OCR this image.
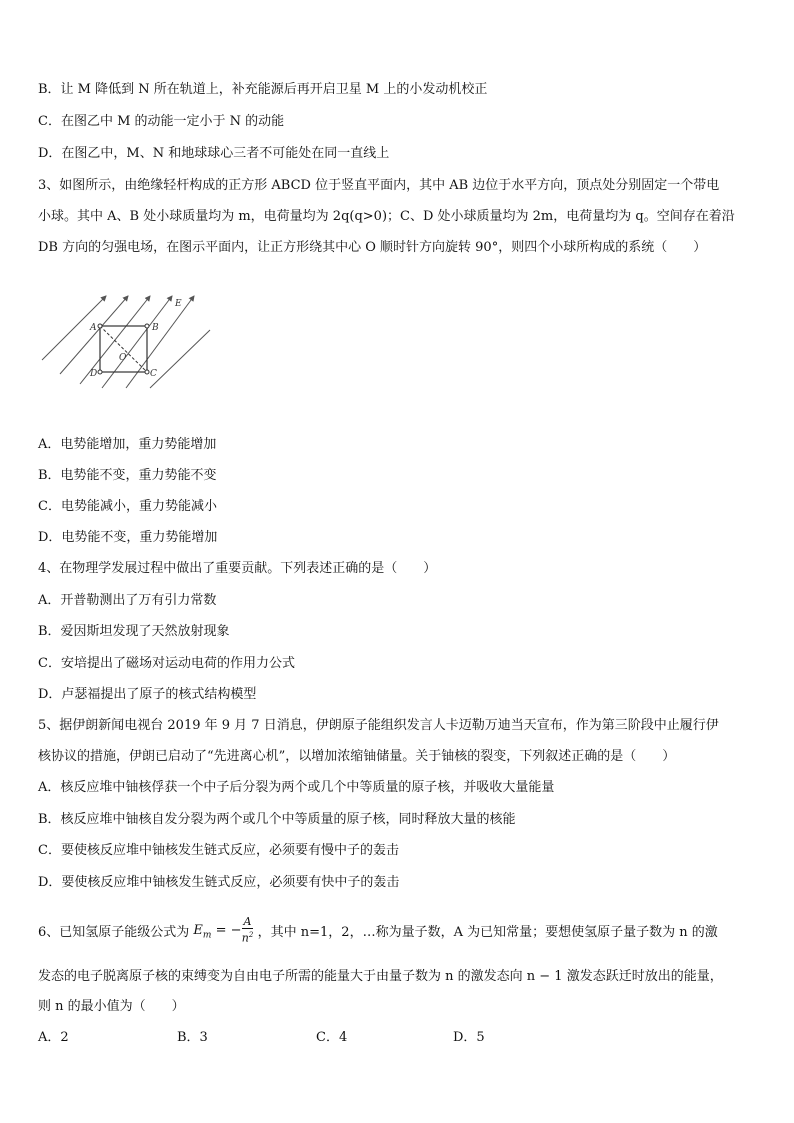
B．让 M 降低到 N 所在轨道上，补充能源后再开启卫星 M 上的小发动机校正
C．在图乙中 M 的动能一定小于 N 的动能
D．在图乙中，M、N 和地球球心三者不可能处在同一直线上
3、如图所示，由绝缘轻杆构成的正方形 ABCD 位于竖直平面内，其中 AB 边位于水平方向，顶点处分别固定一个带电
小球。其中 A、B 处小球质量均为 m，电荷量均为 2q(q>0)；C、D 处小球质量均为 2m，电荷量均为 q。空间存在着沿
DB 方向的匀强电场，在图示平面内，让正方形绕其中心 O 顺时针方向旋转 90°，则四个小球所构成的系统（　　）
A	B
C
D
O
E
A．电势能增加，重力势能增加
B．电势能不变，重力势能不变
C．电势能减小，重力势能减小
D．电势能不变，重力势能增加
4、在物理学发展过程中做出了重要贡献。下列表述正确的是（　　）
A．开普勒测出了万有引力常数
B．爱因斯坦发现了天然放射现象
C．安培提出了磁场对运动电荷的作用力公式
D．卢瑟福提出了原子的核式结构模型
5、据伊朗新闻电视台 2019 年 9 月 7 日消息，伊朗原子能组织发言人卡迈勒万迪当天宣布，作为第三阶段中止履行伊
核协议的措施，伊朗已启动了“先进离心机”，以增加浓缩铀储量。关于铀核的裂变，下列叙述正确的是（　　）
A．核反应堆中铀核俘获一个中子后分裂为两个或几个中等质量的原子核，并吸收大量能量
B．核反应堆中铀核自发分裂为两个或几个中等质量的原子核，同时释放大量的核能
C．要使核反应堆中铀核发生链式反应，必须要有慢中子的轰击
D．要使核反应堆中铀核发生链式反应，必须要有快中子的轰击
6、已知氢原子能级公式为 $E_m$ = − $\frac{A}{n^2}$ ，其中 n=1，2，…称为量子数，A 为已知常量；要想使氢原子量子数为 n 的激
发态的电子脱离原子核的束缚变为自由电子所需的能量大于由量子数为 n 的激发态向 n − 1 激发态跃迁时放出的能量，
则 n 的最小值为（　　）
A．2	B．3	C．4	D．5
